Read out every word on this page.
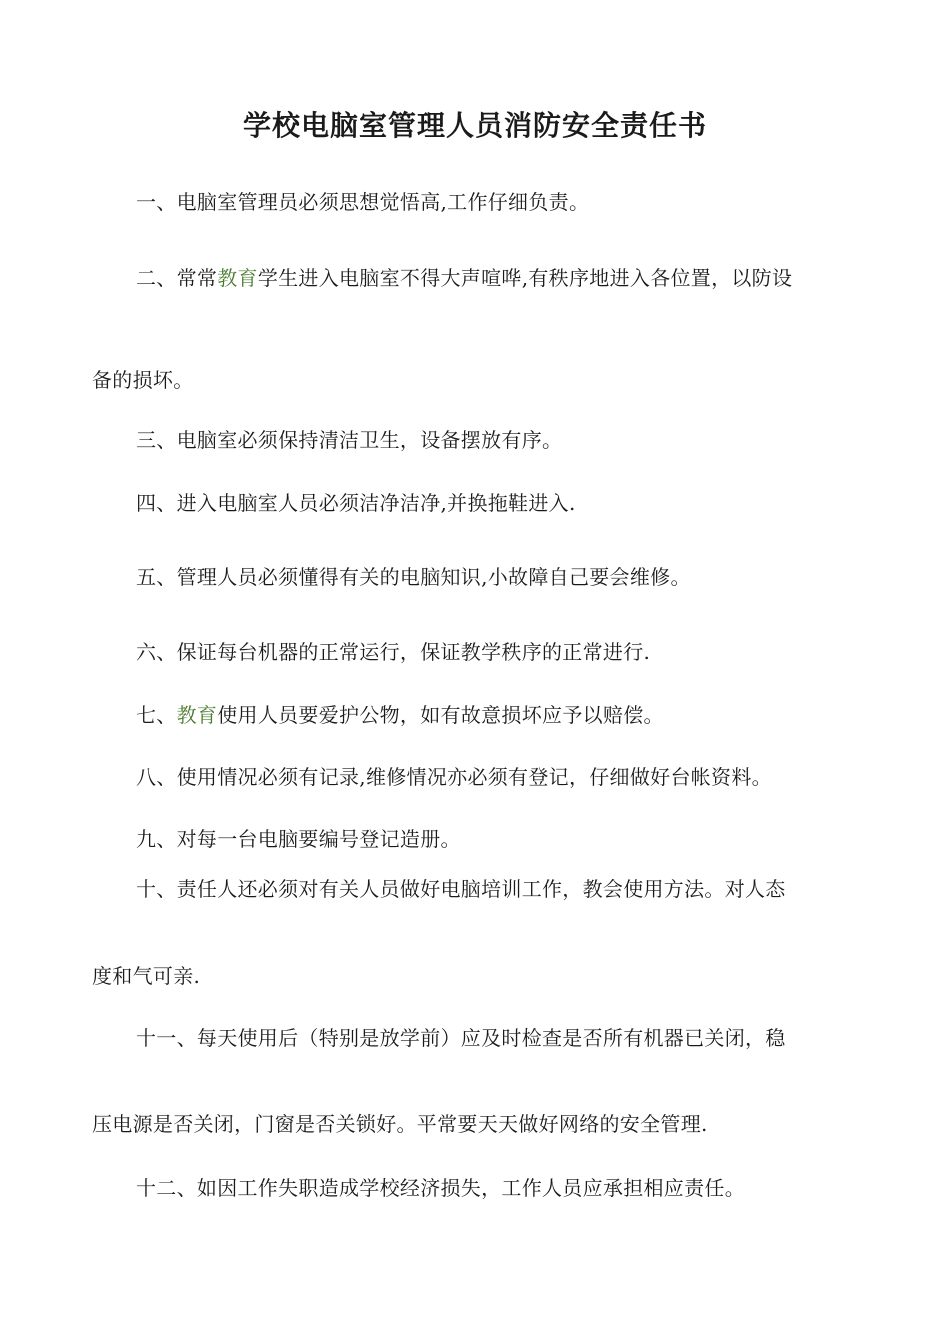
学校电脑室管理人员消防安全责任书
一、电脑室管理员必须思想觉悟高,工作仔细负责。
二、常常教育学生进入电脑室不得大声喧哗,有秩序地进入各位置，以防设
备的损坏。
三、电脑室必须保持清洁卫生，设备摆放有序。
四、进入电脑室人员必须洁净洁净,并换拖鞋进入.
五、管理人员必须懂得有关的电脑知识,小故障自己要会维修。
六、保证每台机器的正常运行，保证教学秩序的正常进行.
七、教育使用人员要爱护公物，如有故意损坏应予以赔偿。
八、使用情况必须有记录,维修情况亦必须有登记，仔细做好台帐资料。
九、对每一台电脑要编号登记造册。
十、责任人还必须对有关人员做好电脑培训工作，教会使用方法。对人态
度和气可亲.
十一、每天使用后（特别是放学前）应及时检查是否所有机器已关闭，稳
压电源是否关闭，门窗是否关锁好。平常要天天做好网络的安全管理.
十二、如因工作失职造成学校经济损失，工作人员应承担相应责任。
